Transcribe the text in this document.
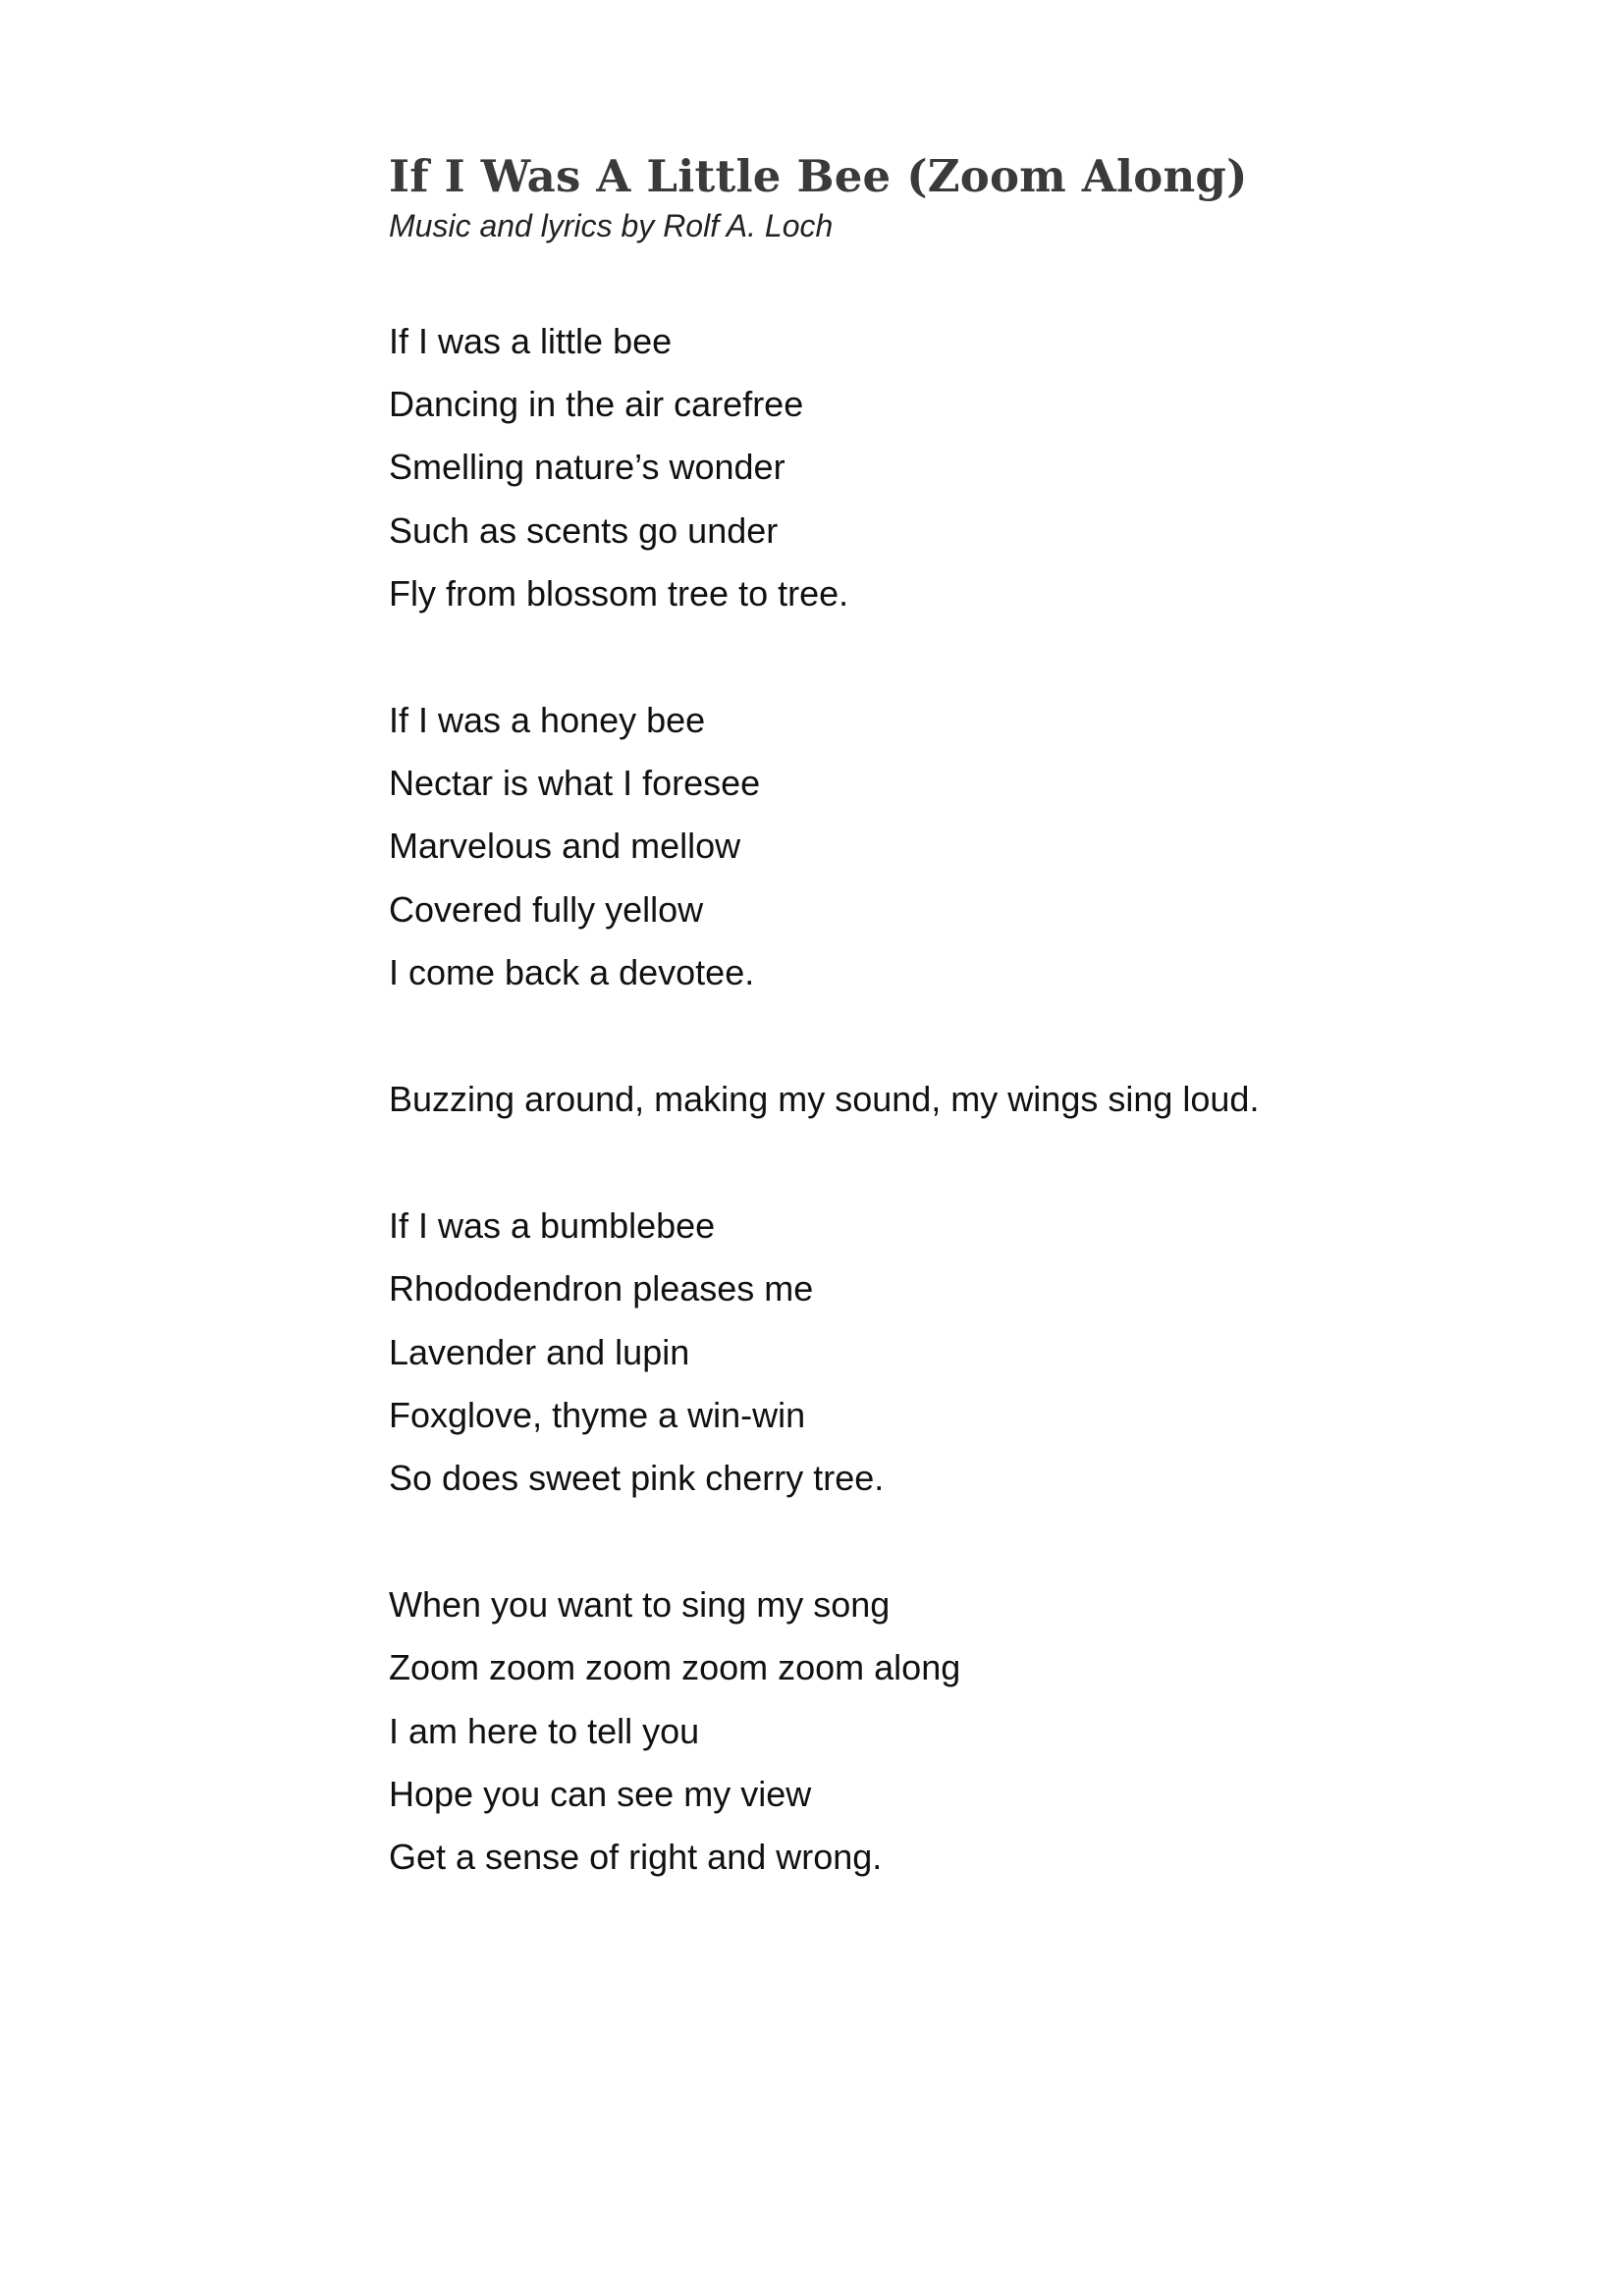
If I Was A Little Bee (Zoom Along)

Music and lyrics by Rolf A. Loch

If I was a little bee
Dancing in the air carefree
Smelling nature’s wonder
Such as scents go under
Fly from blossom tree to tree.
If I was a honey bee
Nectar is what I foresee
Marvelous and mellow
Covered fully yellow
I come back a devotee.
Buzzing around, making my sound, my wings sing loud.
If I was a bumblebee
Rhododendron pleases me
Lavender and lupin
Foxglove, thyme a win-win
So does sweet pink cherry tree.
When you want to sing my song
Zoom zoom zoom zoom zoom along
I am here to tell you
Hope you can see my view
Get a sense of right and wrong.
